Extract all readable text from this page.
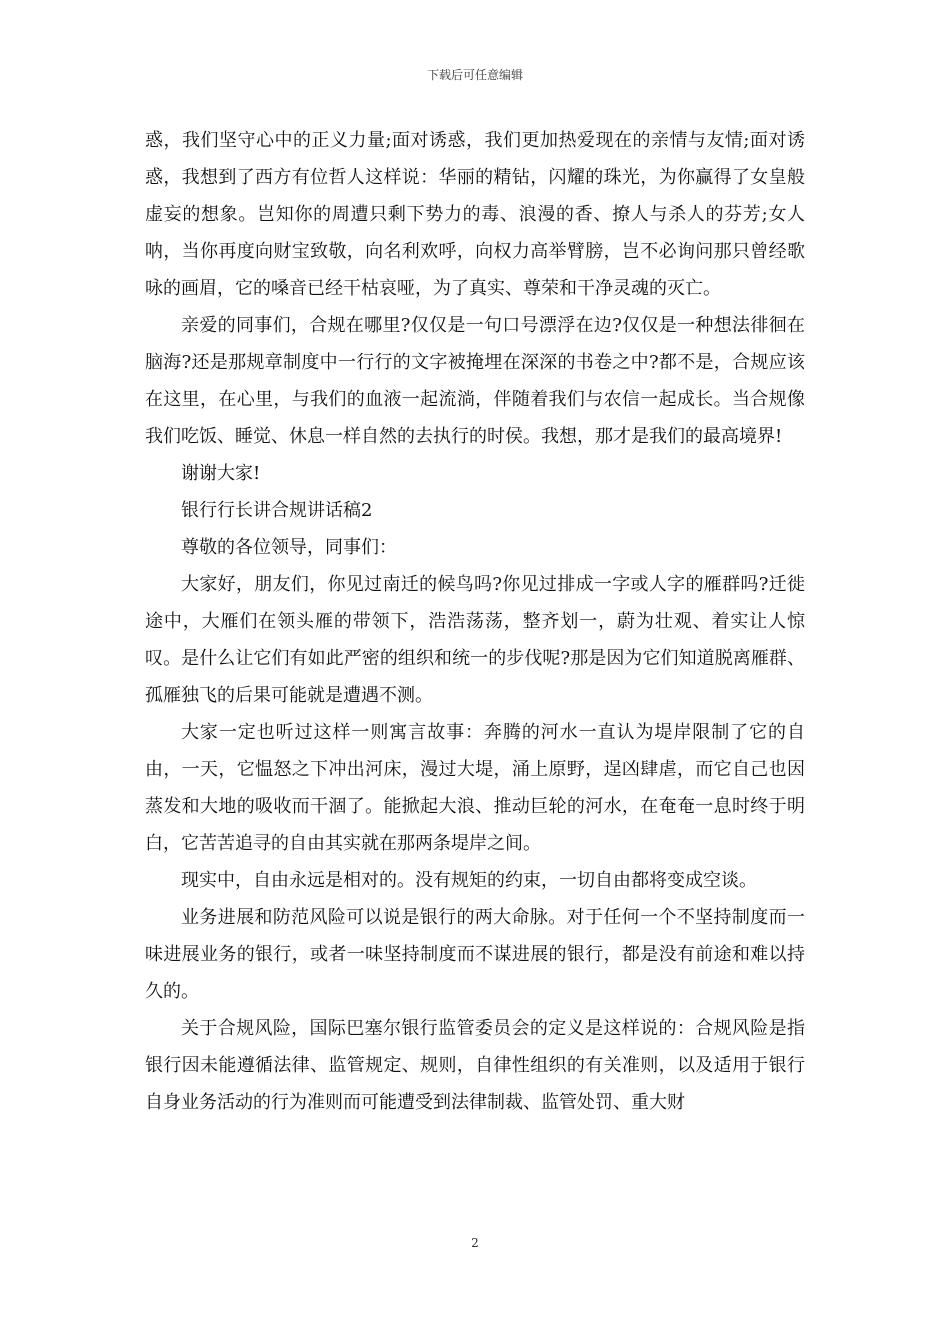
下载后可任意编辑

惑，我们坚守心中的正义力量;面对诱惑，我们更加热爱现在的亲情与友情;面对诱惑，我想到了西方有位哲人这样说：华丽的精钻，闪耀的珠光，为你赢得了女皇般虚妄的想象。岂知你的周遭只剩下势力的毒、浪漫的香、撩人与杀人的芬芳;女人呐，当你再度向财宝致敬，向名利欢呼，向权力高举臂膀，岂不必询问那只曾经歌咏的画眉，它的嗓音已经干枯哀哑，为了真实、尊荣和干净灵魂的灭亡。

亲爱的同事们，合规在哪里?仅仅是一句口号漂浮在边?仅仅是一种想法徘徊在脑海?还是那规章制度中一行行的文字被掩埋在深深的书卷之中?都不是，合规应该在这里，在心里，与我们的血液一起流淌，伴随着我们与农信一起成长。当合规像我们吃饭、睡觉、休息一样自然的去执行的时侯。我想，那才是我们的最高境界!

谢谢大家!

银行行长讲合规讲话稿2

尊敬的各位领导，同事们：

大家好，朋友们，你见过南迁的候鸟吗?你见过排成一字或人字的雁群吗?迁徙途中，大雁们在领头雁的带领下，浩浩荡荡，整齐划一，蔚为壮观、着实让人惊叹。是什么让它们有如此严密的组织和统一的步伐呢?那是因为它们知道脱离雁群、孤雁独飞的后果可能就是遭遇不测。

大家一定也听过这样一则寓言故事：奔腾的河水一直认为堤岸限制了它的自由，一天，它愠怒之下冲出河床，漫过大堤，涌上原野，逞凶肆虐，而它自己也因蒸发和大地的吸收而干涸了。能掀起大浪、推动巨轮的河水，在奄奄一息时终于明白，它苦苦追寻的自由其实就在那两条堤岸之间。

现实中，自由永远是相对的。没有规矩的约束，一切自由都将变成空谈。

业务进展和防范风险可以说是银行的两大命脉。对于任何一个不坚持制度而一味进展业务的银行，或者一味坚持制度而不谋进展的银行，都是没有前途和难以持久的。

关于合规风险，国际巴塞尔银行监管委员会的定义是这样说的：合规风险是指银行因未能遵循法律、监管规定、规则，自律性组织的有关准则，以及适用于银行自身业务活动的行为准则而可能遭受到法律制裁、监管处罚、重大财

2
